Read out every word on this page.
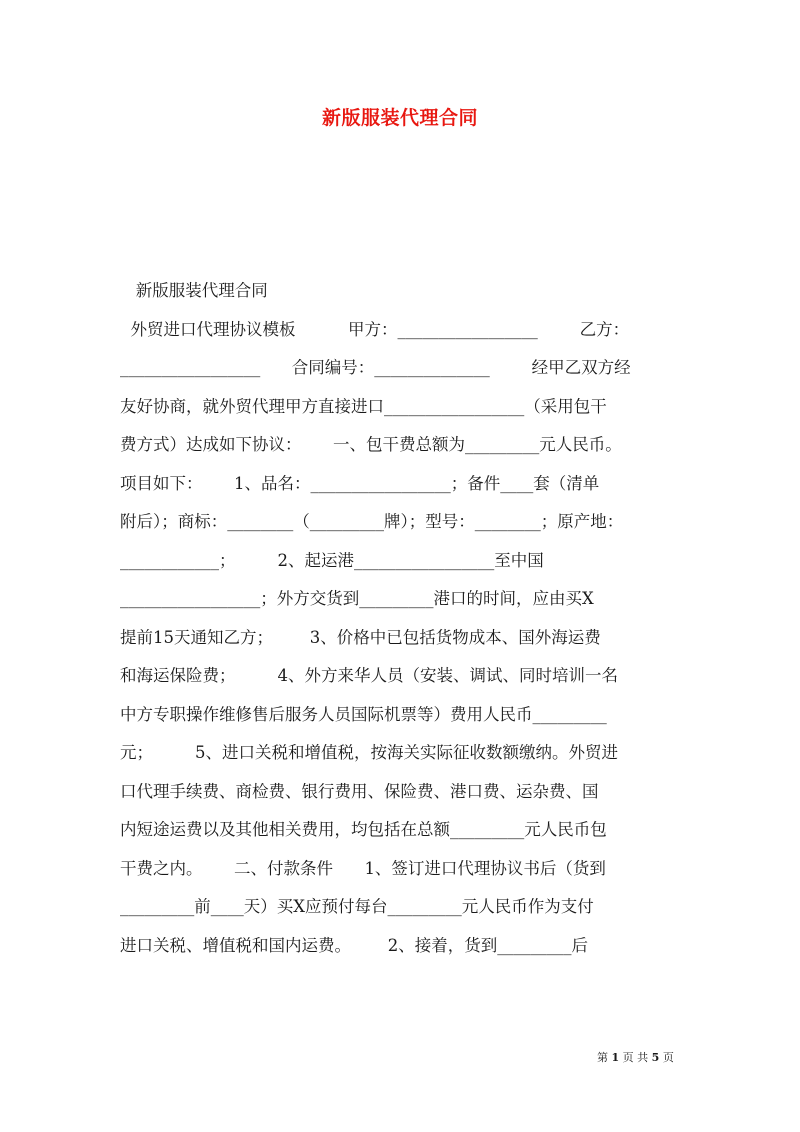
新版服装代理合同
新版服装代理合同
外贸进口代理协议模板          甲方：_________________        乙方：
_________________      合同编号：______________        经甲乙双方经
友好协商，就外贸代理甲方直接进口_________________（采用包干
费方式）达成如下协议：      一、包干费总额为_________元人民币。
项目如下：      1、品名：_________________；备件____套（清单
附后）；商标：________（_________牌）；型号：________；原产地：
____________；        2、起运港_________________至中国
_________________；外方交货到_________港口的时间，应由买X
提前15天通知乙方；       3、价格中已包括货物成本、国外海运费
和海运保险费；        4、外方来华人员（安装、调试、同时培训一名
中方专职操作维修售后服务人员国际机票等）费用人民币_________
元；        5、进口关税和增值税，按海关实际征收数额缴纳。外贸进
口代理手续费、商检费、银行费用、保险费、港口费、运杂费、国
内短途运费以及其他相关费用，均包括在总额_________元人民币包
干费之内。      二、付款条件      1、签订进口代理协议书后（货到
_________前____天）买X应预付每台_________元人民币作为支付
进口关税、增值税和国内运费。       2、接着，货到_________后
第 1 页 共 5 页
